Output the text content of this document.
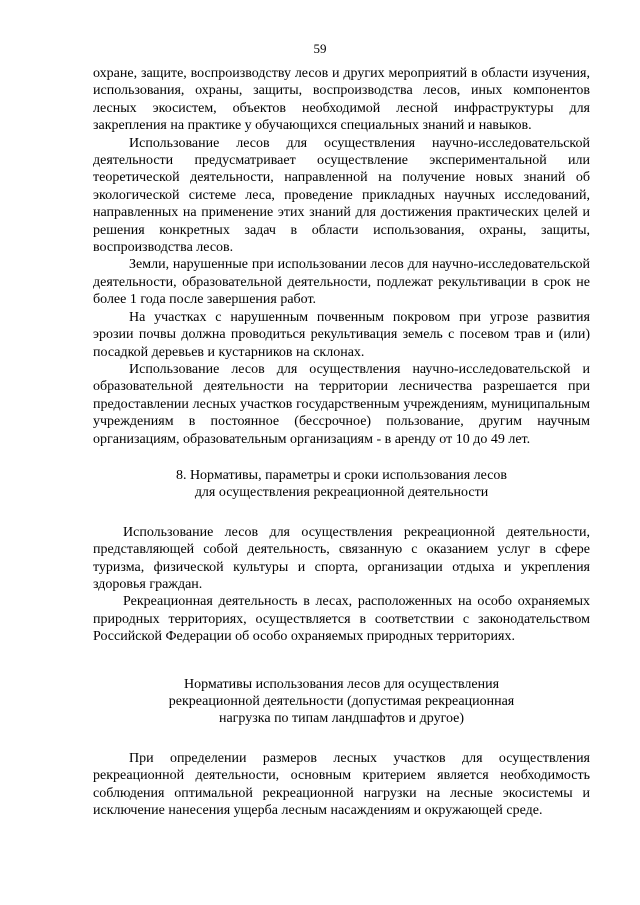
59

охране, защите, воспроизводству лесов и других мероприятий в области изучения, использования, охраны, защиты, воспроизводства лесов, иных компонентов лесных экосистем, объектов необходимой лесной инфраструктуры для закрепления на практике у обучающихся специальных знаний и навыков.

Использование лесов для осуществления научно-исследовательской деятельности предусматривает осуществление экспериментальной или теоретической деятельности, направленной на получение новых знаний об экологической системе леса, проведение прикладных научных исследований, направленных на применение этих знаний для достижения практических целей и решения конкретных задач в области использования, охраны, защиты, воспроизводства лесов.

Земли, нарушенные при использовании лесов для научно-исследовательской деятельности, образовательной деятельности, подлежат рекультивации в срок не более 1 года после завершения работ.

На участках с нарушенным почвенным покровом при угрозе развития эрозии почвы должна проводиться рекультивация земель с посевом трав и (или) посадкой деревьев и кустарников на склонах.

Использование лесов для осуществления научно-исследовательской и образовательной деятельности на территории лесничества разрешается при предоставлении лесных участков государственным учреждениям, муниципальным учреждениям в постоянное (бессрочное) пользование, другим научным организациям, образовательным организациям - в аренду от 10 до 49 лет.

8. Нормативы, параметры и сроки использования лесов
для осуществления рекреационной деятельности

Использование лесов для осуществления рекреационной деятельности, представляющей собой деятельность, связанную с оказанием услуг в сфере туризма, физической культуры и спорта, организации отдыха и укрепления здоровья граждан.

Рекреационная деятельность в лесах, расположенных на особо охраняемых природных территориях, осуществляется в соответствии с законодательством Российской Федерации об особо охраняемых природных территориях.

Нормативы использования лесов для осуществления
рекреационной деятельности (допустимая рекреационная
нагрузка по типам ландшафтов и другое)

При определении размеров лесных участков для осуществления рекреационной деятельности, основным критерием является необходимость соблюдения оптимальной рекреационной нагрузки на лесные экосистемы и исключение нанесения ущерба лесным насаждениям и окружающей среде.
